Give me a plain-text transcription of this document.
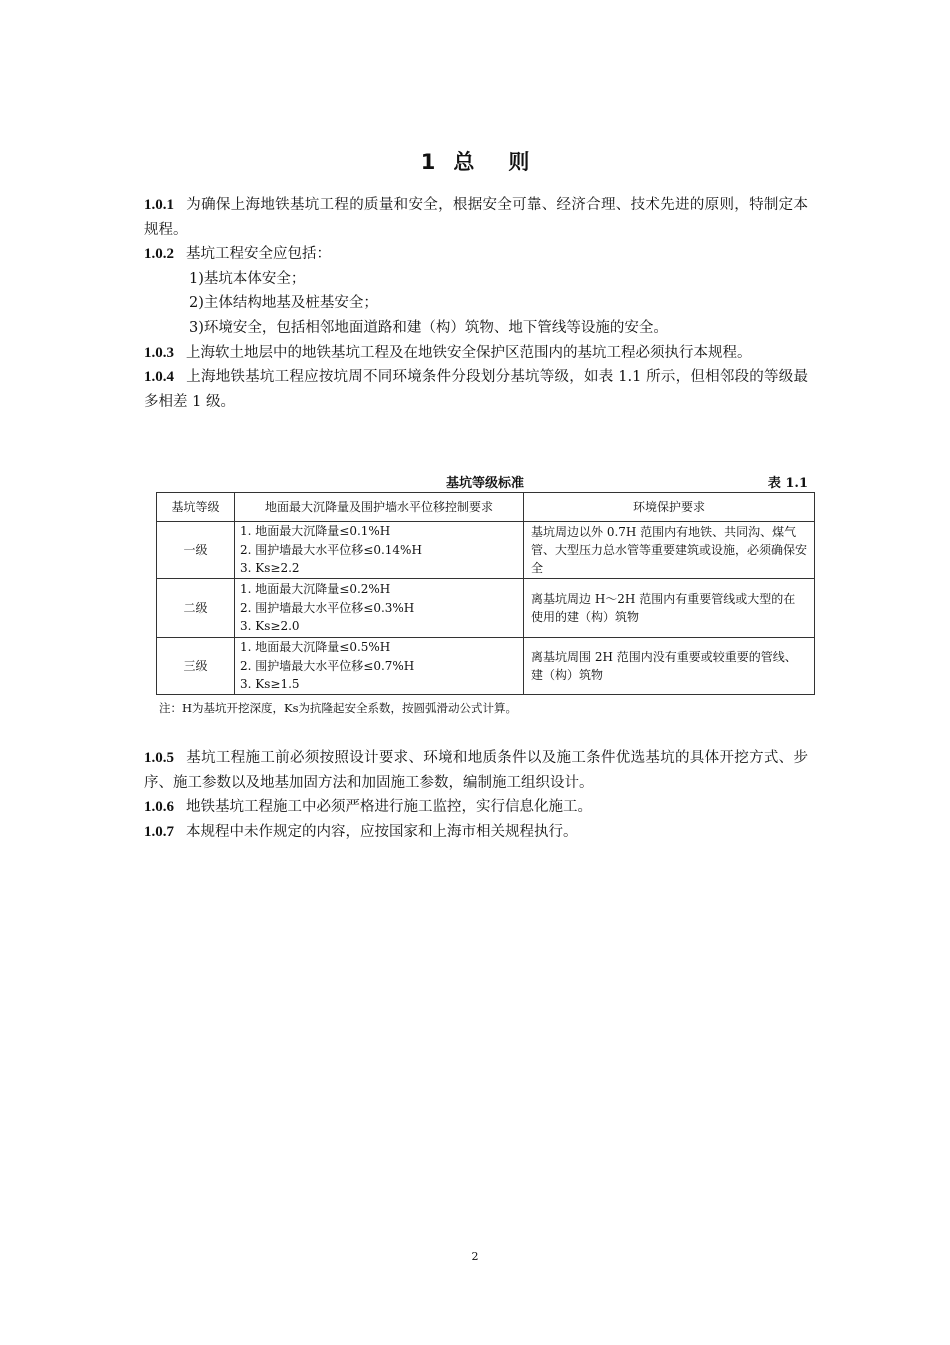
1 总 则

1.0.1 为确保上海地铁基坑工程的质量和安全，根据安全可靠、经济合理、技术先进的原则，特制定本规程。

1.0.2 基坑工程安全应包括：

1)基坑本体安全；

2)主体结构地基及桩基安全；

3)环境安全，包括相邻地面道路和建（构）筑物、地下管线等设施的安全。

1.0.3 上海软土地层中的地铁基坑工程及在地铁安全保护区范围内的基坑工程必须执行本规程。

1.0.4 上海地铁基坑工程应按坑周不同环境条件分段划分基坑等级，如表 1.1 所示，但相邻段的等级最多相差 1 级。

基坑等级标准	表 1.1
基坑等级	地面最大沉降量及围护墙水平位移控制要求	环境保护要求
一级	1. 地面最大沉降量≤0.1%H
2. 围护墙最大水平位移≤0.14%H
3. Ks≥2.2	基坑周边以外 0.7H 范围内有地铁、共同沟、煤气管、大型压力总水管等重要建筑或设施，必须确保安全
二级	1. 地面最大沉降量≤0.2%H
2. 围护墙最大水平位移≤0.3%H
3. Ks≥2.0	离基坑周边 H～2H 范围内有重要管线或大型的在使用的建（构）筑物
三级	1. 地面最大沉降量≤0.5%H
2. 围护墙最大水平位移≤0.7%H
3. Ks≥1.5	离基坑周围 2H 范围内没有重要或较重要的管线、建（构）筑物
注：H为基坑开挖深度，Ks为抗隆起安全系数，按圆弧滑动公式计算。

1.0.5 基坑工程施工前必须按照设计要求、环境和地质条件以及施工条件优选基坑的具体开挖方式、步序、施工参数以及地基加固方法和加固施工参数，编制施工组织设计。

1.0.6 地铁基坑工程施工中必须严格进行施工监控，实行信息化施工。

1.0.7 本规程中未作规定的内容，应按国家和上海市相关规程执行。

2
